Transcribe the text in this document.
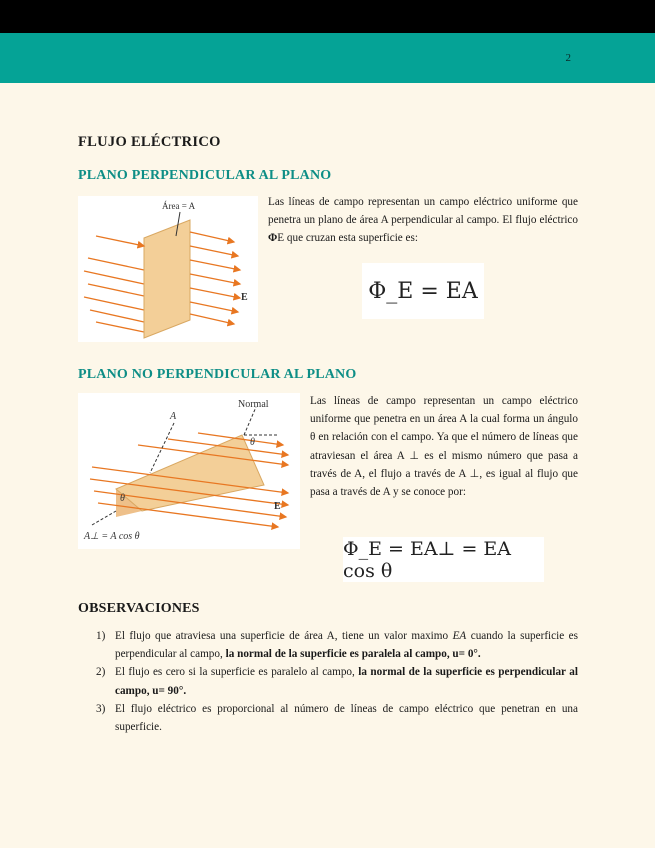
2
FLUJO ELÉCTRICO
PLANO PERPENDICULAR AL PLANO
Área = A
E
Las líneas de campo representan un campo eléctrico uniforme que penetra un plano de área A perpendicular al campo. El flujo eléctrico ΦE que cruzan esta superficie es:
Φ_E = EA
PLANO NO PERPENDICULAR AL PLANO
Normal
A
θ
θ
E
A⊥ = A cos θ
Las líneas de campo representan un campo eléctrico uniforme que penetra en un área A la cual forma un ángulo θ en relación con el campo. Ya que el número de líneas que atraviesan el área A ⊥ es el mismo número que pasa a través de A, el flujo a través de A ⊥, es igual al flujo que pasa a través de A y se conoce por:
Φ_E = EA⊥ = EA cos θ
OBSERVACIONES
1) El flujo que atraviesa una superficie de área A, tiene un valor maximo EA cuando la superficie es perpendicular al campo, la normal de la superficie es paralela al campo, u= 0°.
2) El flujo es cero si la superficie es paralelo al campo, la normal de la superficie es perpendicular al campo, u= 90°.
3) El flujo eléctrico es proporcional al número de líneas de campo eléctrico que penetran en una superficie.
